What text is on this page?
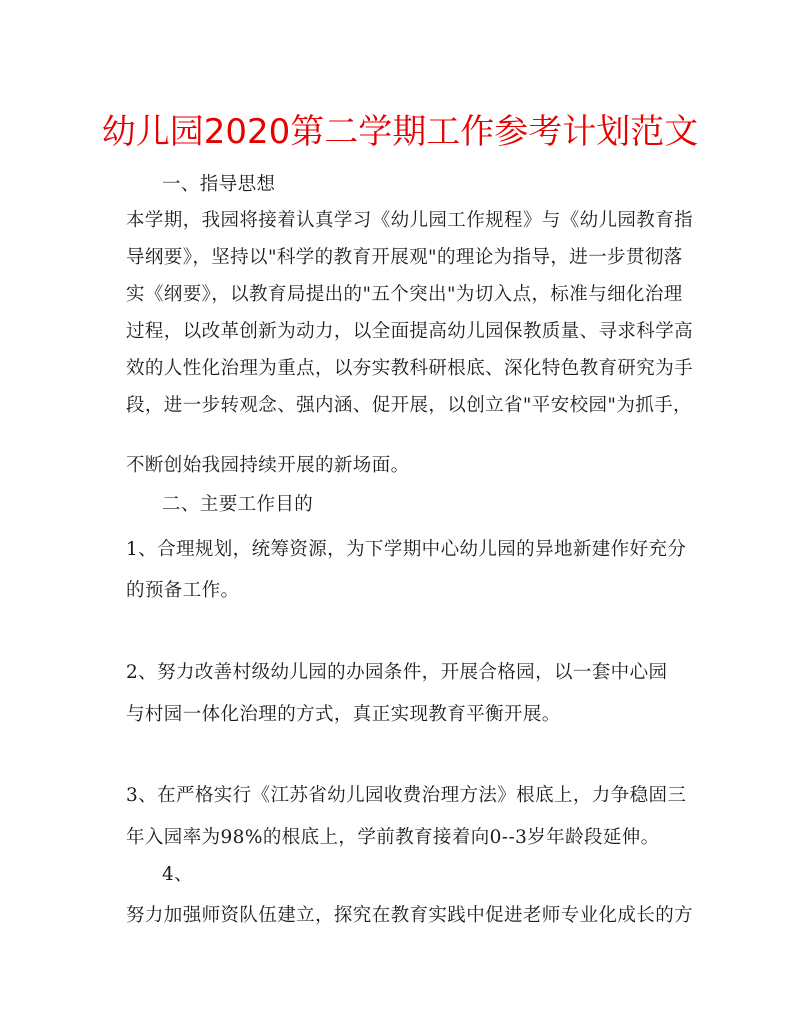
幼儿园2020第二学期工作参考计划范文
一、指导思想
本学期，我园将接着认真学习《幼儿园工作规程》与《幼儿园教育指
导纲要》，坚持以"科学的教育开展观"的理论为指导，进一步贯彻落
实《纲要》，以教育局提出的"五个突出"为切入点，标准与细化治理
过程，以改革创新为动力，以全面提高幼儿园保教质量、寻求科学高
效的人性化治理为重点，以夯实教科研根底、深化特色教育研究为手
段，进一步转观念、强内涵、促开展，以创立省"平安校园"为抓手，
不断创始我园持续开展的新场面。
二、主要工作目的
1、合理规划，统筹资源，为下学期中心幼儿园的异地新建作好充分
的预备工作。
2、努力改善村级幼儿园的办园条件，开展合格园，以一套中心园
与村园一体化治理的方式，真正实现教育平衡开展。
3、在严格实行《江苏省幼儿园收费治理方法》根底上，力争稳固三
年入园率为98%的根底上，学前教育接着向0--3岁年龄段延伸。
4、
努力加强师资队伍建立，探究在教育实践中促进老师专业化成长的方
